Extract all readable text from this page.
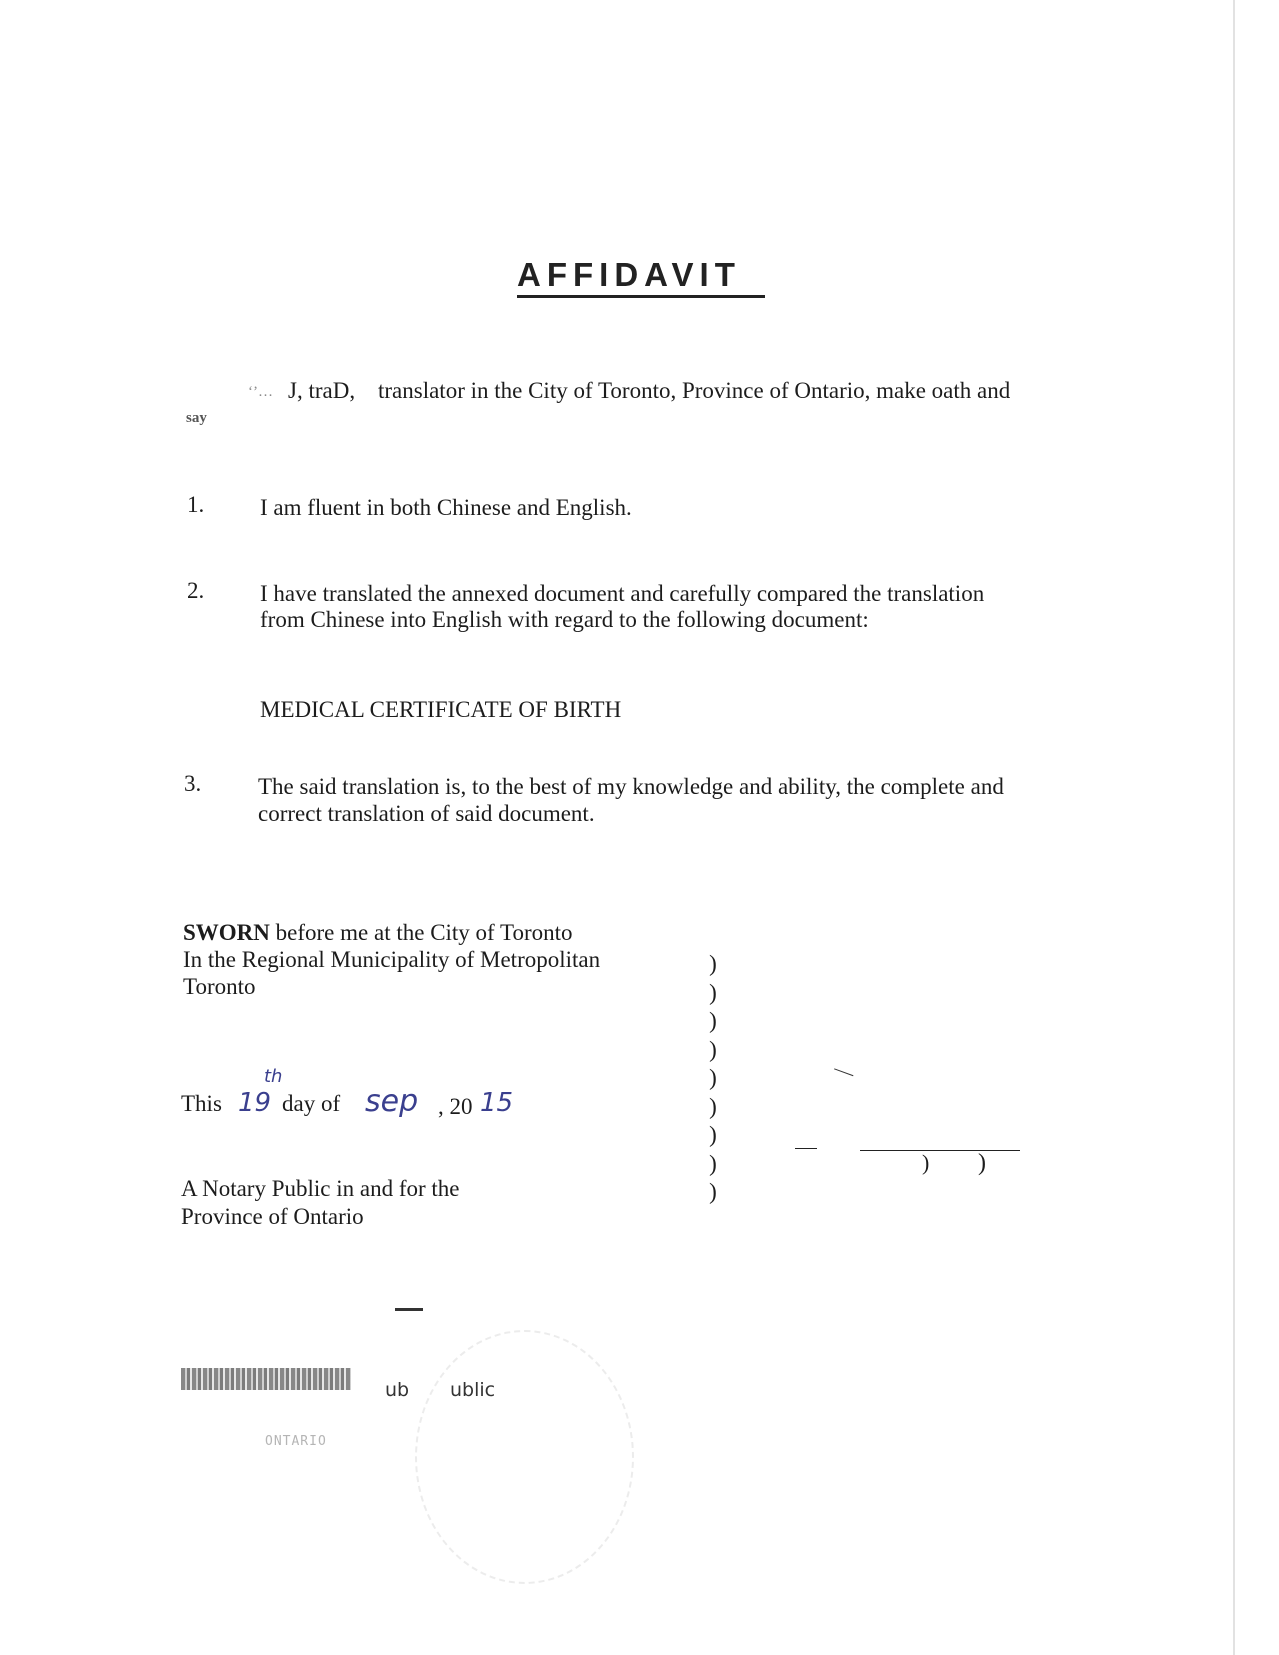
AFFIDAVIT
‘’… J, traD, translator in the City of Toronto, Province of Ontario, make oath and
say
1. I am fluent in both Chinese and English.
2. I have translated the annexed document and carefully compared the translation
from Chinese into English with regard to the following document:
MEDICAL CERTIFICATE OF BIRTH
3. The said translation is, to the best of my knowledge and ability, the complete and
correct translation of said document.
SWORN before me at the City of Toronto
In the Regional Municipality of Metropolitan
Toronto
)
)
)
)
)
)
)
)
)
This 19
th
day of sep , 20 15
A Notary Public in and for the
Province of Ontario
—
) )
ub ublic
ONTARIO
